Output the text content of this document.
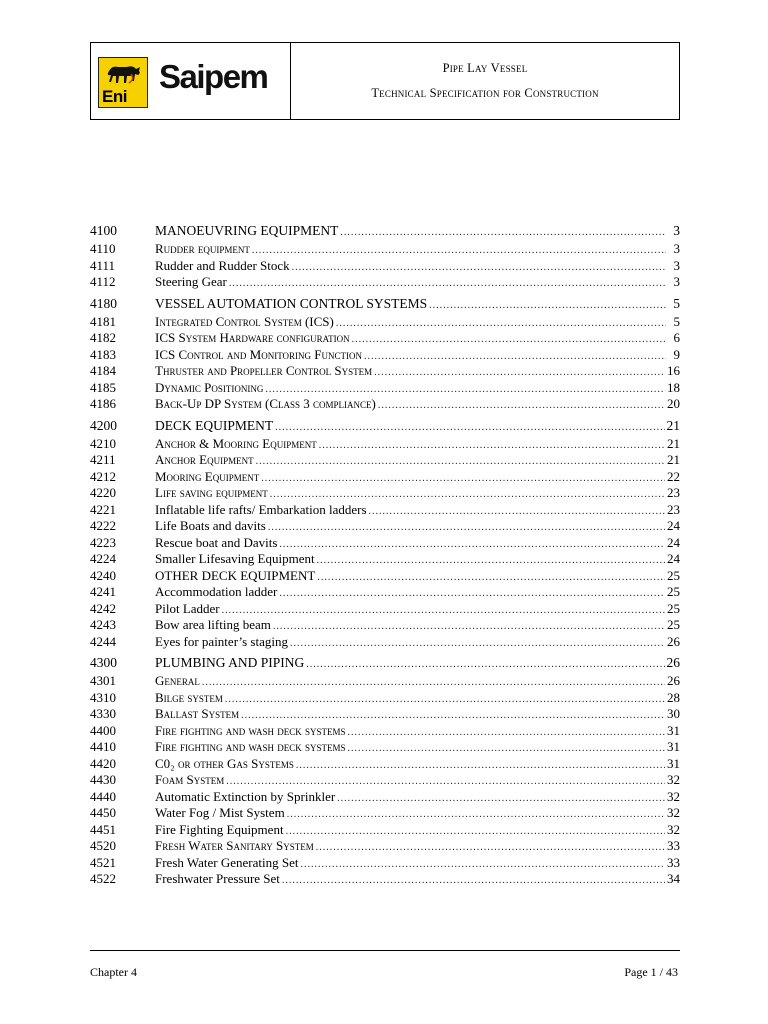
Eni
Saipem	Pipe Lay Vessel
Technical Specification for Construction
4100	MANOEUVRING EQUIPMENT .....	3
4110	Rudder equipment .....	3
4111	Rudder and Rudder Stock .....	3
4112	Steering Gear .....	3
4180	VESSEL AUTOMATION CONTROL SYSTEMS .....	5
4181	Integrated Control System (ICS) .....	5
4182	ICS System Hardware configuration .....	6
4183	ICS Control and Monitoring Function .....	9
4184	Thruster and Propeller Control System .....	16
4185	Dynamic Positioning .....	18
4186	Back-Up DP System (Class 3 compliance) .....	20
4200	DECK EQUIPMENT .....	21
4210	Anchor & Mooring Equipment .....	21
4211	Anchor Equipment .....	21
4212	Mooring Equipment .....	22
4220	Life saving equipment .....	23
4221	Inflatable life rafts/ Embarkation ladders .....	23
4222	Life Boats and davits .....	24
4223	Rescue boat and Davits .....	24
4224	Smaller Lifesaving Equipment .....	24
4240	OTHER DECK EQUIPMENT .....	25
4241	Accommodation ladder .....	25
4242	Pilot Ladder .....	25
4243	Bow area lifting beam .....	25
4244	Eyes for painter’s staging .....	26
4300	PLUMBING AND PIPING .....	26
4301	General .....	26
4310	Bilge system .....	28
4330	Ballast System .....	30
4400	Fire fighting and wash deck systems .....	31
4410	Fire fighting and wash deck systems .....	31
4420	C0₂ or other Gas Systems .....	31
4430	Foam System .....	32
4440	Automatic Extinction by Sprinkler .....	32
4450	Water Fog / Mist System .....	32
4451	Fire Fighting Equipment .....	32
4520	Fresh Water Sanitary System .....	33
4521	Fresh Water Generating Set .....	33
4522	Freshwater Pressure Set .....	34
Chapter 4	Page 1 / 43
